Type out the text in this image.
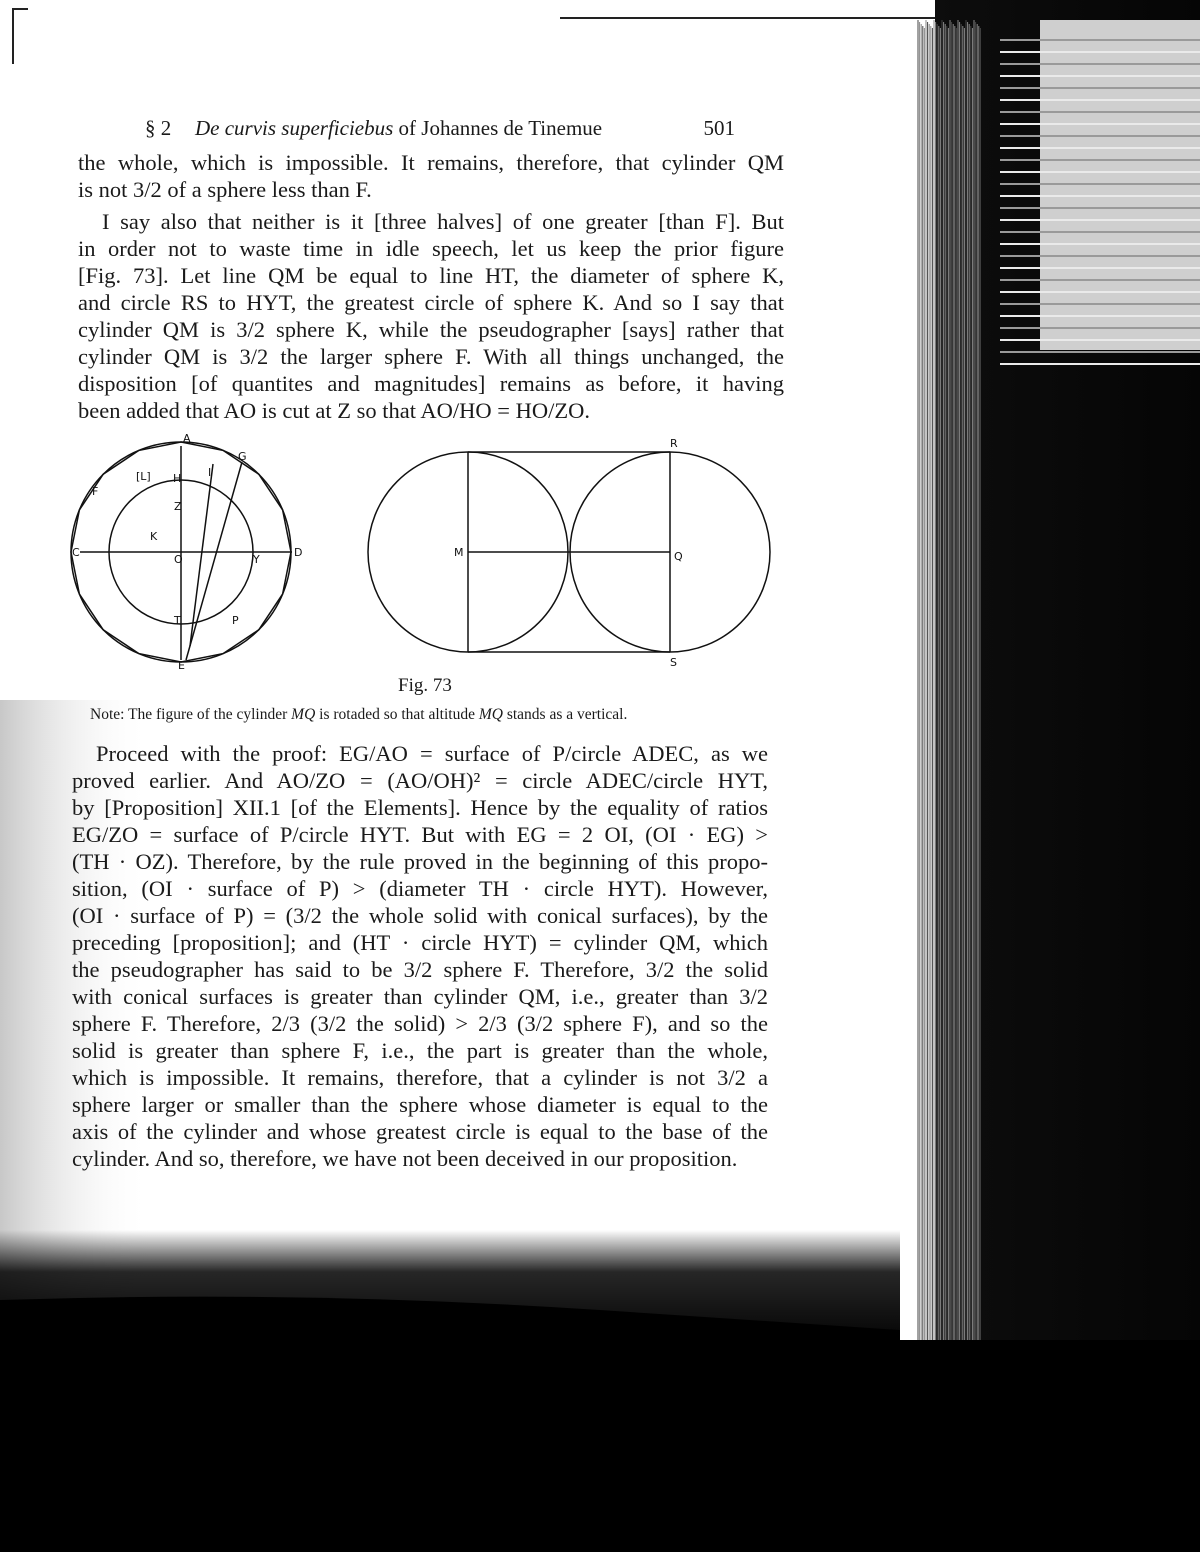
§ 2 De curvis superficiebus of Johannes de Tinemue	501
the whole, which is impossible. It remains, therefore, that cylinder QM
is not 3/2 of a sphere less than F.
I say also that neither is it [three halves] of one greater [than F]. But
in order not to waste time in idle speech, let us keep the prior figure
[Fig. 73]. Let line QM be equal to line HT, the diameter of sphere K,
and circle RS to HYT, the greatest circle of sphere K. And so I say that
cylinder QM is 3/2 sphere K, while the pseudographer [says] rather that
cylinder QM is 3/2 the larger sphere F. With all things unchanged, the
disposition [of quantites and magnitudes] remains as before, it having
been added that AO is cut at Z so that AO/HO = HO/ZO.
A
G
F
[L] H I
Z
K
C
O	Y
D
T	P
E
R
M	Q
S
Fig. 73
Note: The figure of the cylinder MQ is rotaded so that altitude MQ stands as a vertical.
Proceed with the proof: EG/AO = surface of P/circle ADEC, as we
proved earlier. And AO/ZO = (AO/OH)² = circle ADEC/circle HYT,
by [Proposition] XII.1 [of the Elements]. Hence by the equality of ratios
EG/ZO = surface of P/circle HYT. But with EG = 2 OI, (OI · EG) >
(TH · OZ). Therefore, by the rule proved in the beginning of this propo-
sition, (OI · surface of P) > (diameter TH · circle HYT). However,
(OI · surface of P) = (3/2 the whole solid with conical surfaces), by the
preceding [proposition]; and (HT · circle HYT) = cylinder QM, which
the pseudographer has said to be 3/2 sphere F. Therefore, 3/2 the solid
with conical surfaces is greater than cylinder QM, i.e., greater than 3/2
sphere F. Therefore, 2/3 (3/2 the solid) > 2/3 (3/2 sphere F), and so the
solid is greater than sphere F, i.e., the part is greater than the whole,
which is impossible. It remains, therefore, that a cylinder is not 3/2 a
sphere larger or smaller than the sphere whose diameter is equal to the
axis of the cylinder and whose greatest circle is equal to the base of the
cylinder. And so, therefore, we have not been deceived in our proposition.
